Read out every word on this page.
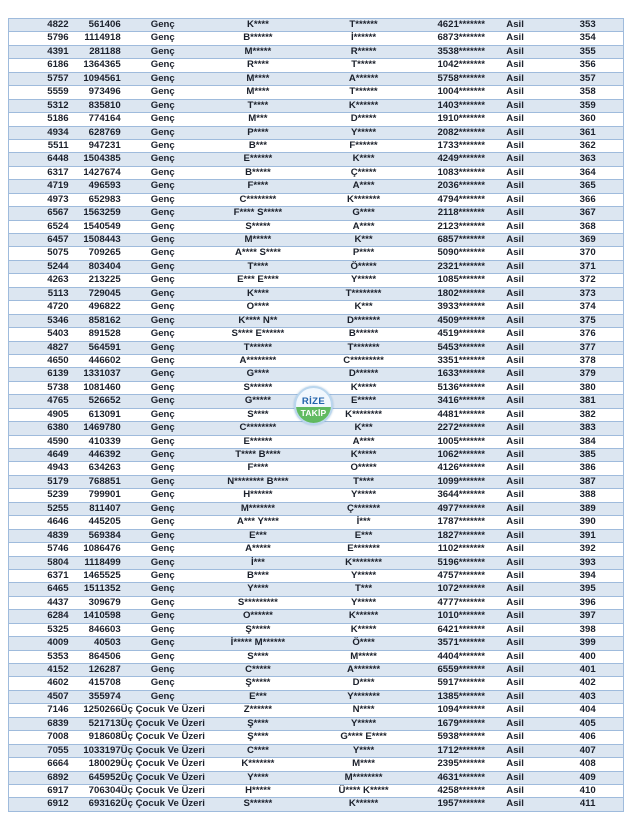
4822	561406	Genç	K****	T******	4621*******	Asil	353
5796	1114918	Genç	B******	İ******	6873*******	Asil	354
4391	281188	Genç	M*****	R*****	3538*******	Asil	355
6186	1364365	Genç	R****	T*****	1042*******	Asil	356
5757	1094561	Genç	M****	A******	5758*******	Asil	357
5559	973496	Genç	M****	T******	1004*******	Asil	358
5312	835810	Genç	T****	K******	1403*******	Asil	359
5186	774164	Genç	M***	D*****	1910*******	Asil	360
4934	628769	Genç	P****	Y*****	2082*******	Asil	361
5511	947231	Genç	B***	F******	1733*******	Asil	362
6448	1504385	Genç	E******	K****	4249*******	Asil	363
6317	1427674	Genç	B*****	Ç*****	1083*******	Asil	364
4719	496593	Genç	F****	A****	2036*******	Asil	365
4973	652983	Genç	C********	K*******	4794*******	Asil	366
6567	1563259	Genç	F**** S*****	G****	2118*******	Asil	367
6524	1540549	Genç	S*****	A****	2123*******	Asil	368
6457	1508443	Genç	M*****	K***	6857*******	Asil	369
5075	709265	Genç	A**** S****	P****	5090*******	Asil	370
5244	803404	Genç	T****	Ö*****	2321*******	Asil	371
4263	213225	Genç	E*** E****	Y*****	1085*******	Asil	372
5113	729045	Genç	K****	T********	1802*******	Asil	373
4720	496822	Genç	O****	K***	3933*******	Asil	374
5346	858162	Genç	K**** N**	D*******	4509*******	Asil	375
5403	891528	Genç	S**** E******	B******	4519*******	Asil	376
4827	564591	Genç	T******	T*******	5453*******	Asil	377
4650	446602	Genç	A********	C*********	3351*******	Asil	378
6139	1331037	Genç	G****	D******	1633*******	Asil	379
5738	1081460	Genç	S******	K*****	5136*******	Asil	380
4765	526652	Genç	G*****	E*****	3416*******	Asil	381
4905	613091	Genç	S****	K********	4481*******	Asil	382
6380	1469780	Genç	C********	K***	2272*******	Asil	383
4590	410339	Genç	E******	A****	1005*******	Asil	384
4649	446392	Genç	T**** B****	K*****	1062*******	Asil	385
4943	634263	Genç	F****	O*****	4126*******	Asil	386
5179	768851	Genç	N******** B****	T****	1099*******	Asil	387
5239	799901	Genç	H******	Y*****	3644*******	Asil	388
5255	811407	Genç	M*******	Ç*******	4977*******	Asil	389
4646	445205	Genç	A*** Y****	İ***	1787*******	Asil	390
4839	569384	Genç	E***	E***	1827*******	Asil	391
5746	1086476	Genç	A*****	E*******	1102*******	Asil	392
5804	1118499	Genç	İ***	K********	5196*******	Asil	393
6371	1465525	Genç	B****	Y*****	4757*******	Asil	394
6465	1511352	Genç	Y****	T***	1072*******	Asil	395
4437	309679	Genç	S*********	Y*****	4777*******	Asil	396
6284	1410598	Genç	O******	K******	1010*******	Asil	397
5325	846603	Genç	Ş*****	K*****	6421*******	Asil	398
4009	40503	Genç	İ***** M******	Ö****	3571*******	Asil	399
5353	864506	Genç	S****	M*****	4404*******	Asil	400
4152	126287	Genç	C*****	A*******	6559*******	Asil	401
4602	415708	Genç	Ş*****	D****	5917*******	Asil	402
4507	355974	Genç	E***	Y*******	1385*******	Asil	403
7146	1250266	Üç Çocuk Ve Üzeri	Z******	N****	1094*******	Asil	404
6839	521713	Üç Çocuk Ve Üzeri	Ş****	Y*****	1679*******	Asil	405
7008	918608	Üç Çocuk Ve Üzeri	Ş****	G**** E****	5938*******	Asil	406
7055	1033197	Üç Çocuk Ve Üzeri	C****	Y****	1712*******	Asil	407
6664	180029	Üç Çocuk Ve Üzeri	K*******	M****	2395*******	Asil	408
6892	645952	Üç Çocuk Ve Üzeri	Y****	M********	4631*******	Asil	409
6917	706304	Üç Çocuk Ve Üzeri	H*****	Ü**** K*****	4258*******	Asil	410
6912	693162	Üç Çocuk Ve Üzeri	S******	K******	1957*******	Asil	411
RİZE
TAKİP
